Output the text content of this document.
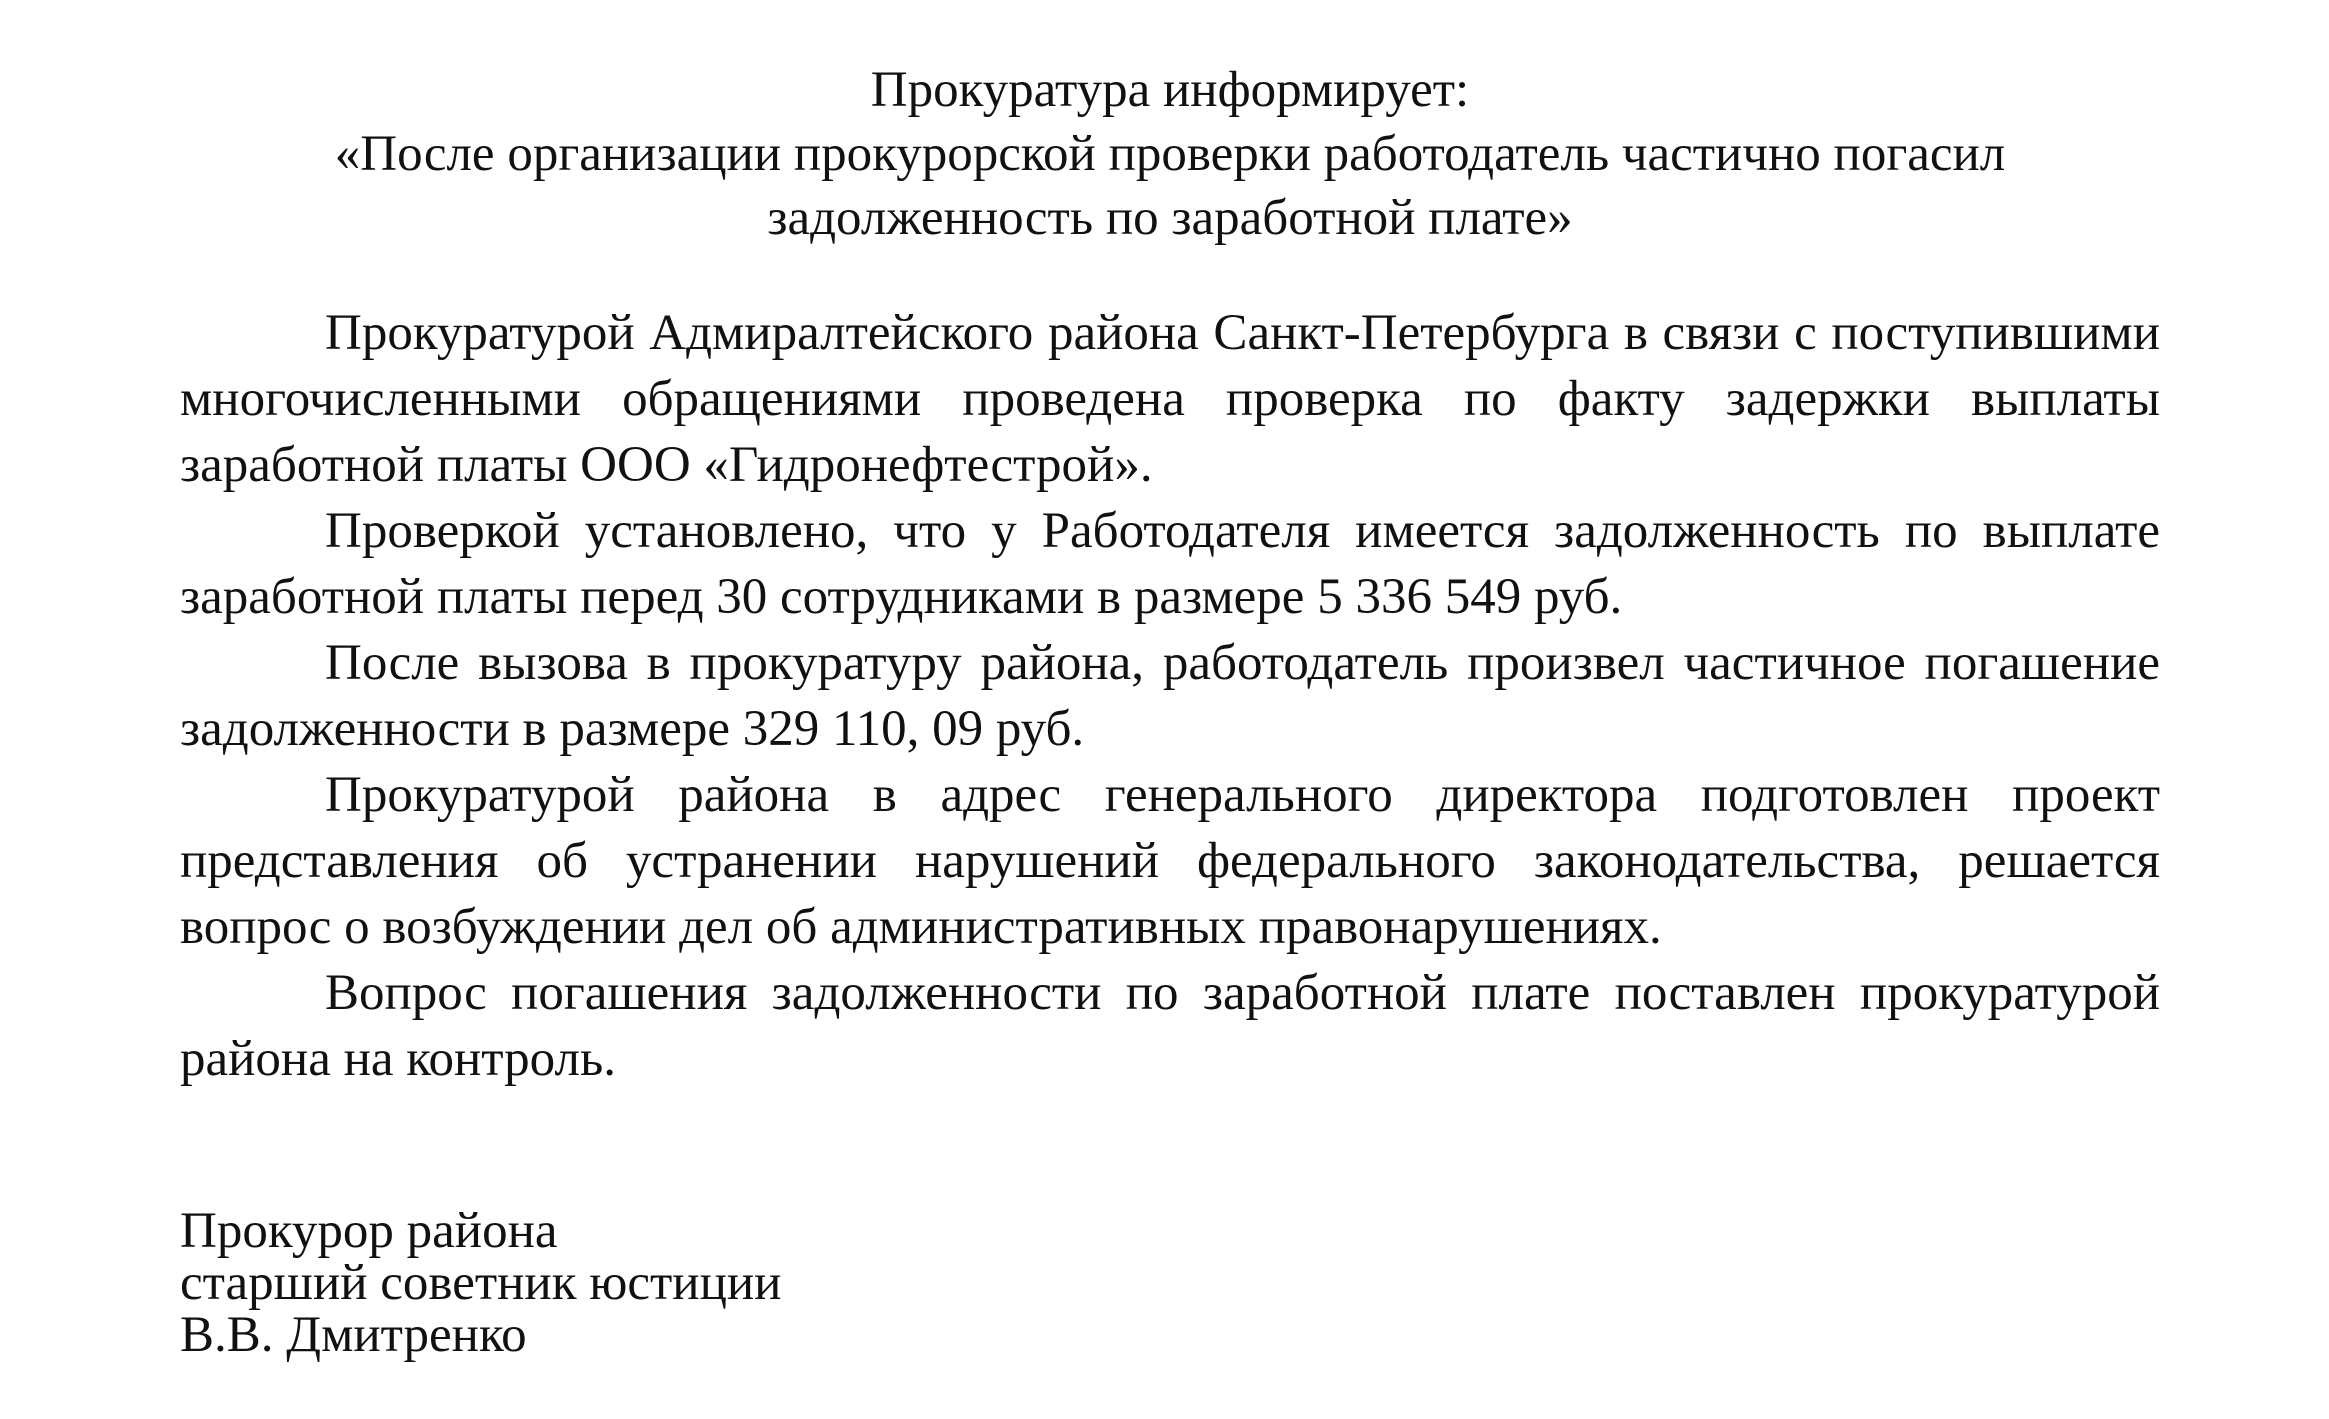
Прокуратура информирует:
«После организации прокурорской проверки работодатель частично погасил
задолженность по заработной плате»

Прокуратурой Адмиралтейского района Санкт-Петербурга в связи с поступившими многочисленными обращениями проведена проверка по факту задержки выплаты заработной платы ООО «Гидронефтестрой».

Проверкой установлено, что у Работодателя имеется задолженность по выплате заработной платы перед 30 сотрудниками в размере 5 336 549 руб.

После вызова в прокуратуру района, работодатель произвел частичное погашение задолженности в размере 329 110, 09 руб.

Прокуратурой района в адрес генерального директора подготовлен проект представления об устранении нарушений федерального законодательства, решается вопрос о возбуждении дел об административных правонарушениях.

Вопрос погашения задолженности по заработной плате поставлен прокуратурой района на контроль.

Прокурор района
старший советник юстиции
В.В. Дмитренко
